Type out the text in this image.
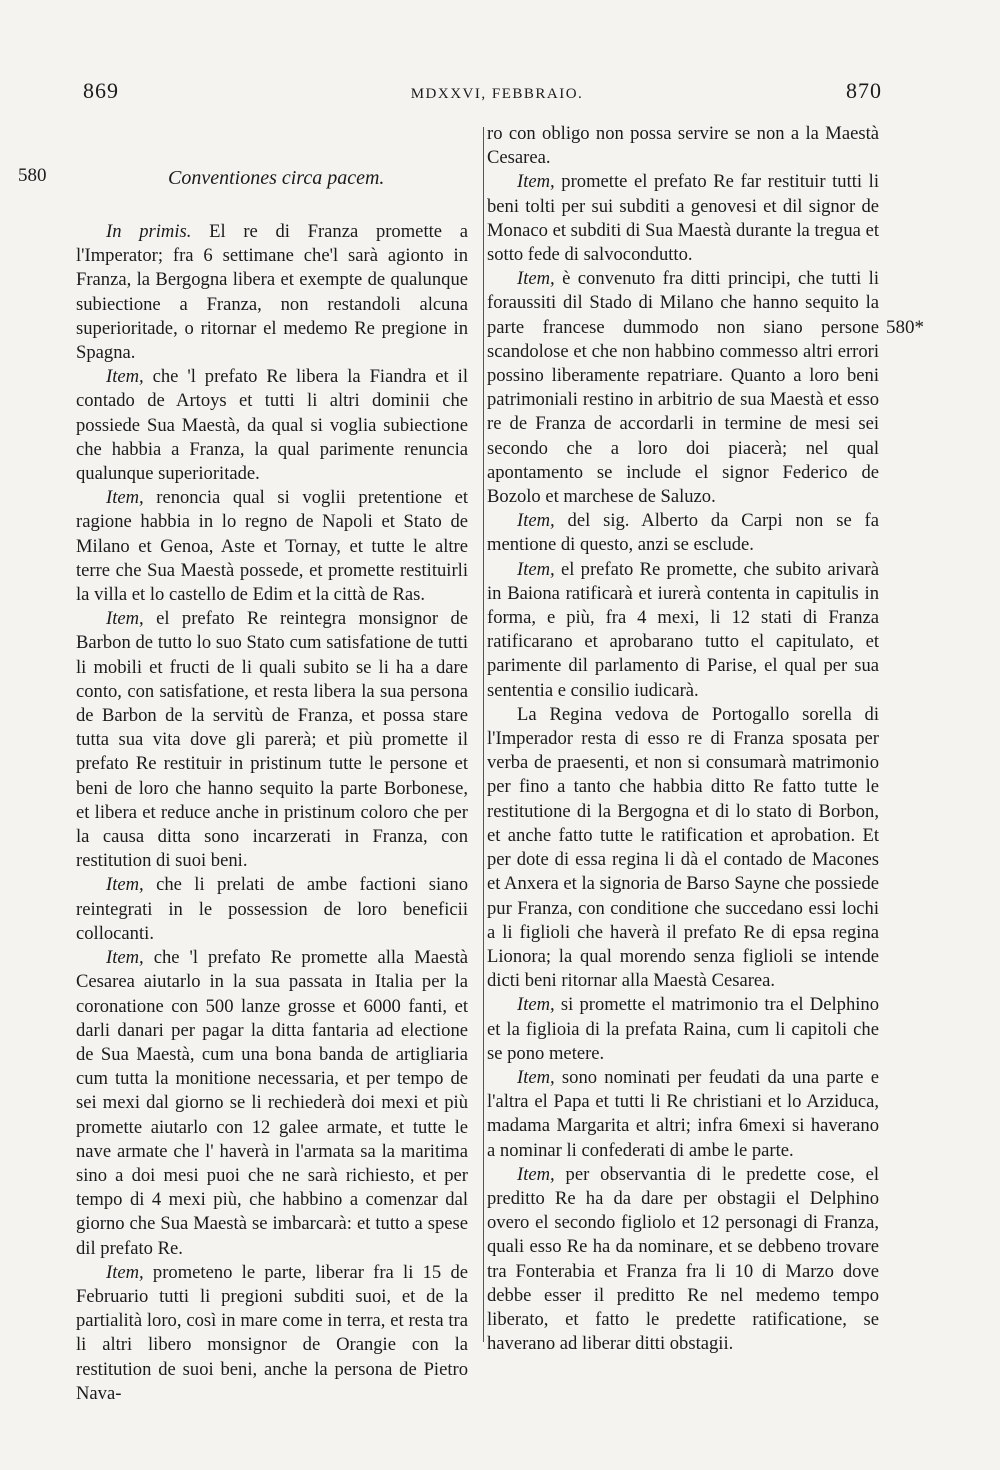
869	MDXXVI, FEBBRAIO.	870
580
580*
Conventiones circa pacem.

In primis. El re di Franza promette a l'Imperator; fra 6 settimane che'l sarà agionto in Franza, la Bergogna libera et exempte de qualunque subiectione a Franza, non restandoli alcuna superioritade, o ritornar el medemo Re pregione in Spagna.

Item, che 'l prefato Re libera la Fiandra et il contado de Artoys et tutti li altri dominii che possiede Sua Maestà, da qual si voglia subiectione che habbia a Franza, la qual parimente renuncia qualunque superioritade.

Item, renoncia qual si voglii pretentione et ragione habbia in lo regno de Napoli et Stato de Milano et Genoa, Aste et Tornay, et tutte le altre terre che Sua Maestà possede, et promette restituirli la villa et lo castello de Edim et la città de Ras.

Item, el prefato Re reintegra monsignor de Barbon de tutto lo suo Stato cum satisfatione de tutti li mobili et fructi de li quali subito se li ha a dare conto, con satisfatione, et resta libera la sua persona de Barbon de la servitù de Franza, et possa stare tutta sua vita dove gli parerà; et più promette il prefato Re restituir in pristinum tutte le persone et beni de loro che hanno sequito la parte Borbonese, et libera et reduce anche in pristinum coloro che per la causa ditta sono incarzerati in Franza, con restitution di suoi beni.

Item, che li prelati de ambe factioni siano reintegrati in le possession de loro beneficii collocanti.

Item, che 'l prefato Re promette alla Maestà Cesarea aiutarlo in la sua passata in Italia per la coronatione con 500 lanze grosse et 6000 fanti, et darli danari per pagar la ditta fantaria ad electione de Sua Maestà, cum una bona banda de artigliaria cum tutta la monitione necessaria, et per tempo de sei mexi dal giorno se li rechiederà doi mexi et più promette aiutarlo con 12 galee armate, et tutte le nave armate che l' haverà in l'armata sa la maritima sino a doi mesi puoi che ne sarà richiesto, et per tempo di 4 mexi più, che habbino a comenzar dal giorno che Sua Maestà se imbarcarà: et tutto a spese dil prefato Re.

Item, prometeno le parte, liberar fra li 15 de Februario tutti li pregioni subditi suoi, et de la partialità loro, così in mare come in terra, et resta tra li altri libero monsignor de Orangie con la restitution de suoi beni, anche la persona de Pietro Nava-

ro con obligo non possa servire se non a la Maestà Cesarea.

Item, promette el prefato Re far restituir tutti li beni tolti per sui subditi a genovesi et dil signor de Monaco et subditi di Sua Maestà durante la tregua et sotto fede di salvocondutto.

Item, è convenuto fra ditti principi, che tutti li foraussiti dil Stado di Milano che hanno sequito la parte francese dummodo non siano persone scandolose et che non habbino commesso altri errori possino liberamente repatriare. Quanto a loro beni patrimoniali restino in arbitrio de sua Maestà et esso re de Franza de accordarli in termine de mesi sei secondo che a loro doi piacerà; nel qual apontamento se include el signor Federico de Bozolo et marchese de Saluzo.

Item, del sig. Alberto da Carpi non se fa mentione di questo, anzi se esclude.

Item, el prefato Re promette, che subito arivarà in Baiona ratificarà et iurerà contenta in capitulis in forma, e più, fra 4 mexi, li 12 stati di Franza ratificarano et aprobarano tutto el capitulato, et parimente dil parlamento di Parise, el qual per sua sententia e consilio iudicarà.

La Regina vedova de Portogallo sorella di l'Imperador resta di esso re di Franza sposata per verba de praesenti, et non si consumarà matrimonio per fino a tanto che habbia ditto Re fatto tutte le restitutione di la Bergogna et di lo stato di Borbon, et anche fatto tutte le ratification et aprobation. Et per dote di essa regina li dà el contado de Macones et Anxera et la signoria de Barso Sayne che possiede pur Franza, con conditione che succedano essi lochi a li figlioli che haverà il prefato Re di epsa regina Lionora; la qual morendo senza figlioli se intende dicti beni ritornar alla Maestà Cesarea.

Item, si promette el matrimonio tra el Delphino et la figlioia di la prefata Raina, cum li capitoli che se pono metere.

Item, sono nominati per feudati da una parte e l'altra el Papa et tutti li Re christiani et lo Arziduca, madama Margarita et altri; infra 6mexi si haverano a nominar li confederati di ambe le parte.

Item, per observantia di le predette cose, el preditto Re ha da dare per obstagii el Delphino overo el secondo figliolo et 12 personagi di Franza, quali esso Re ha da nominare, et se debbeno trovare tra Fonterabia et Franza fra li 10 di Marzo dove debbe esser il preditto Re nel medemo tempo liberato, et fatto le predette ratificatione, se haverano ad liberar ditti obstagii.
